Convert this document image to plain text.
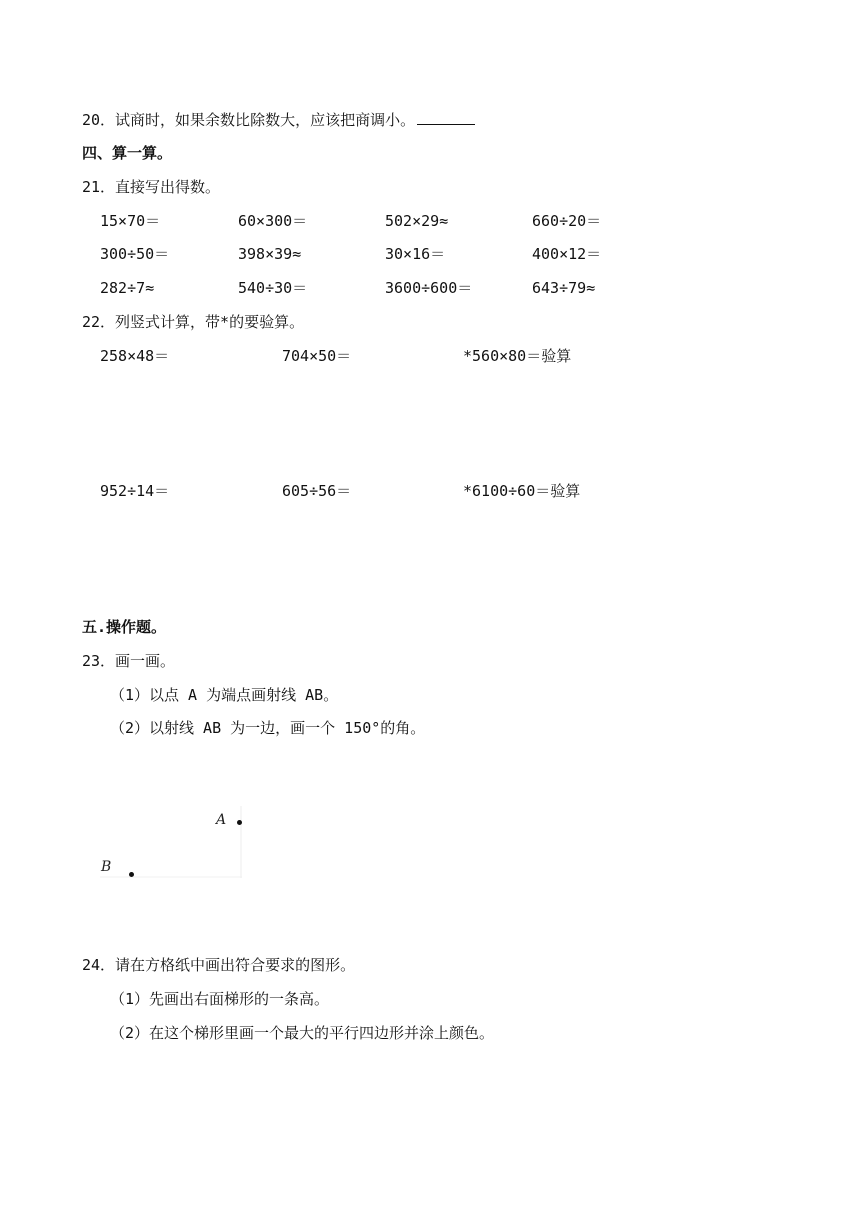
20．试商时，如果余数比除数大，应该把商调小。
四、算一算。
21．直接写出得数。
15×70＝	60×300＝	502×29≈	660÷20＝
300÷50＝	398×39≈	30×16＝	400×12＝
282÷7≈	540÷30＝	3600÷600＝	643÷79≈
22．列竖式计算，带*的要验算。
258×48＝	704×50＝	*560×80＝验算
952÷14＝	605÷56＝	*6100÷60＝验算
五.操作题。
23．画一画。
（1）以点 A 为端点画射线 AB。
（2）以射线 AB 为一边，画一个 150°的角。
A
B
24．请在方格纸中画出符合要求的图形。
（1）先画出右面梯形的一条高。
（2）在这个梯形里画一个最大的平行四边形并涂上颜色。
